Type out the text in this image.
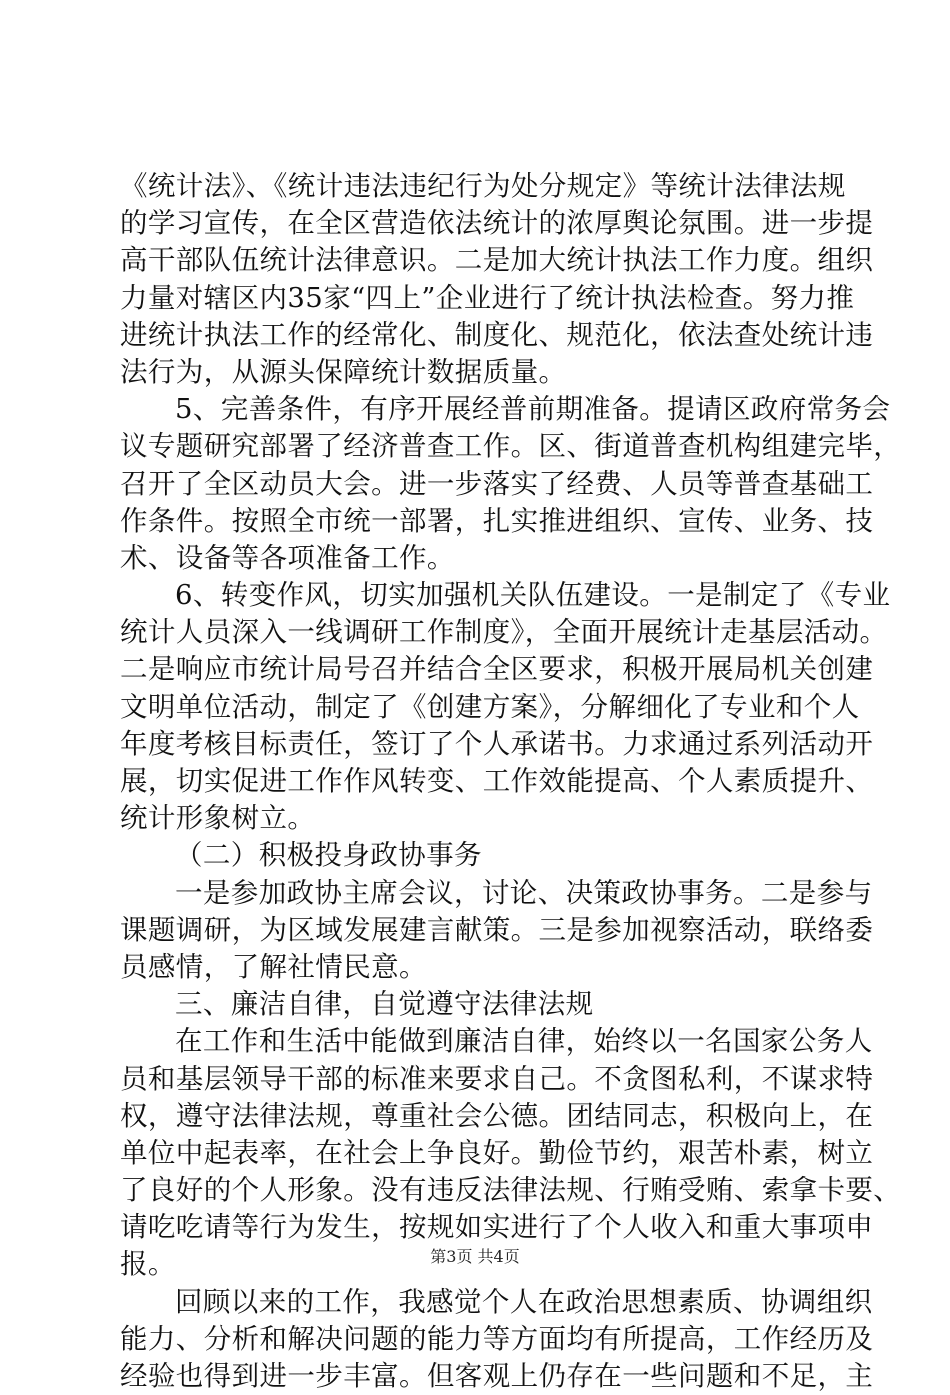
《统计法》、《统计违法违纪行为处分规定》等统计法律法规
的学习宣传，在全区营造依法统计的浓厚舆论氛围。进一步提
高干部队伍统计法律意识。二是加大统计执法工作力度。组织
力量对辖区内35家“四上”企业进行了统计执法检查。努力推
进统计执法工作的经常化、制度化、规范化，依法查处统计违
法行为，从源头保障统计数据质量。
5、完善条件，有序开展经普前期准备。提请区政府常务会
议专题研究部署了经济普查工作。区、街道普查机构组建完毕，
召开了全区动员大会。进一步落实了经费、人员等普查基础工
作条件。按照全市统一部署，扎实推进组织、宣传、业务、技
术、设备等各项准备工作。
6、转变作风，切实加强机关队伍建设。一是制定了《专业
统计人员深入一线调研工作制度》，全面开展统计走基层活动。
二是响应市统计局号召并结合全区要求，积极开展局机关创建
文明单位活动，制定了《创建方案》，分解细化了专业和个人
年度考核目标责任，签订了个人承诺书。力求通过系列活动开
展，切实促进工作作风转变、工作效能提高、个人素质提升、
统计形象树立。
（二）积极投身政协事务
一是参加政协主席会议，讨论、决策政协事务。二是参与
课题调研，为区域发展建言献策。三是参加视察活动，联络委
员感情，了解社情民意。
三、廉洁自律，自觉遵守法律法规
在工作和生活中能做到廉洁自律，始终以一名国家公务人
员和基层领导干部的标准来要求自己。不贪图私利，不谋求特
权，遵守法律法规，尊重社会公德。团结同志，积极向上，在
单位中起表率，在社会上争良好。勤俭节约，艰苦朴素，树立
了良好的个人形象。没有违反法律法规、行贿受贿、索拿卡要、
请吃吃请等行为发生，按规如实进行了个人收入和重大事项申
报。
回顾以来的工作，我感觉个人在政治思想素质、协调组织
能力、分析和解决问题的能力等方面均有所提高，工作经历及
经验也得到进一步丰富。但客观上仍存在一些问题和不足，主
第3页 共4页
